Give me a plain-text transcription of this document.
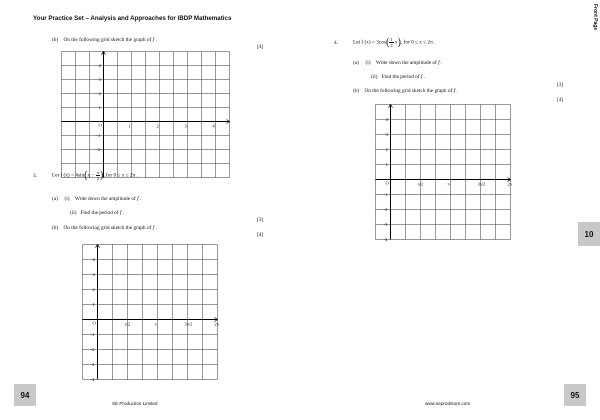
Your Practice Set – Analysis and Approaches for IBDP Mathematics	Front Page
(b) On the following grid sketch the graph of f .
[4]
O
1
2
3
4
-1
-2
1	2	3	4
3.	Let f $(x) = 4\sin(x - \frac{\pi}{2})$, for 0 ≤ x ≤ 2π .
(a) (i) Write down the amplitude of f .
(ii) Find the period of f .
[3]
(b) On the following grid sketch the graph of f .
[4]
O
1
2
3
4
-1
-2
-3
-4
π/2	π	3π/2	2π
94
SE Production Limited
4.	Let f $(x) = 3\cos( \frac{1}{2} x)$, for 0 ≤ x ≤ 2π .
(a) (i) Write down the amplitude of f .
(ii) Find the period of f .
[3]
(b) On the following grid sketch the graph of f .
[4]
O
1
2
3
4
-1
-2
-3
-4
π/2	π	3π/2	2π
10
95
www.seprodstore.com
